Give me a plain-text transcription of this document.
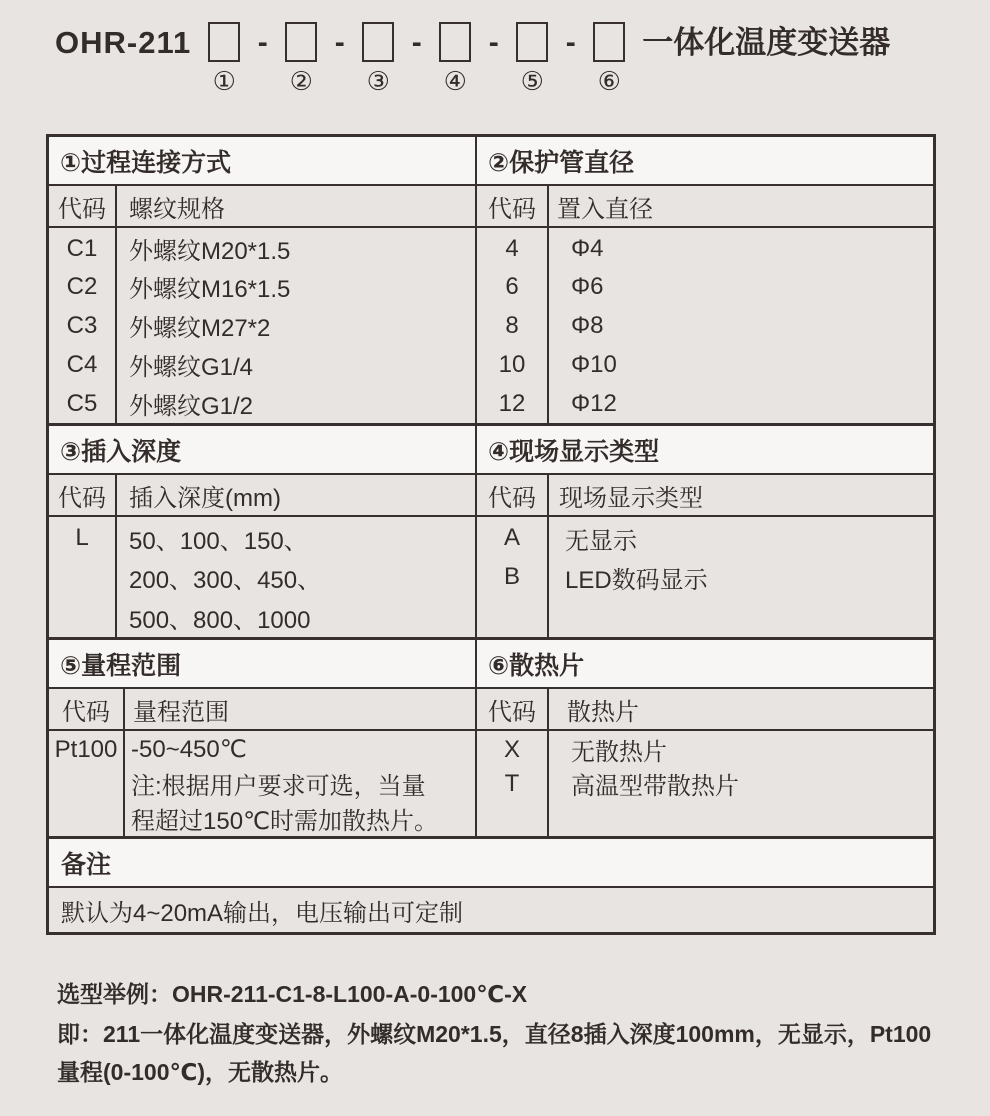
OHR-211
①
-
②
-
③
-
④
-
⑤
-
⑥
一体化温度变送器
①过程连接方式
代码
C1
C2
C3
C4
C5
螺纹规格
外螺纹M20*1.5
外螺纹M16*1.5
外螺纹M27*2
外螺纹G1/4
外螺纹G1/2
②保护管直径
代码
4
6
8
10
12
置入直径
Φ4
Φ6
Φ8
Φ10
Φ12
③插入深度
代码
L
插入深度(mm)
50、100、150、
200、300、450、
500、800、1000
④现场显示类型
代码
A
B
现场显示类型
无显示
LED数码显示
⑤量程范围
代码
Pt100
量程范围
-50~450℃
注:根据用户要求可选，当量
程超过150℃时需加散热片。
⑥散热片
代码
X
T
散热片
无散热片
高温型带散热片
备注
默认为4~20mA输出，电压输出可定制
选型举例：OHR-211-C1-8-L100-A-0-100℃-X

即：211一体化温度变送器，外螺纹M20*1.5，直径8插入深度100mm，无显示，Pt100量程(0-100℃)，无散热片。
